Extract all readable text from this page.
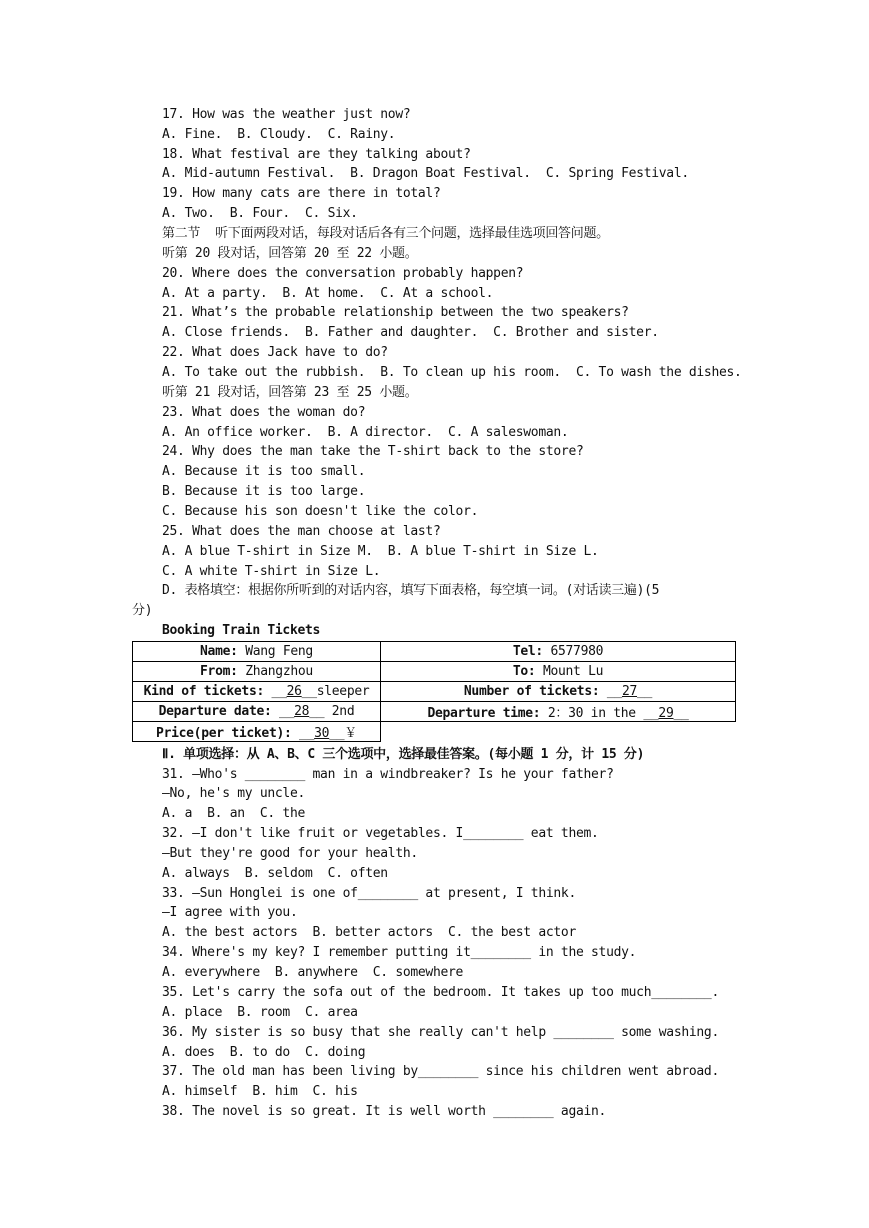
17. How was the weather just now?
A. Fine.  B. Cloudy.  C. Rainy.
18. What festival are they talking about?
A. Mid-autumn Festival.  B. Dragon Boat Festival.  C. Spring Festival.
19. How many cats are there in total?
A. Two.  B. Four.  C. Six.
第二节  听下面两段对话，每段对话后各有三个问题，选择最佳选项回答问题。
听第 20 段对话，回答第 20 至 22 小题。
20. Where does the conversation probably happen?
A. At a party.  B. At home.  C. At a school.
21. What’s the probable relationship between the two speakers?
A. Close friends.  B. Father and daughter.  C. Brother and sister.
22. What does Jack have to do?
A. To take out the rubbish.  B. To clean up his room.  C. To wash the dishes.
听第 21 段对话，回答第 23 至 25 小题。
23. What does the woman do?
A. An office worker.  B. A director.  C. A saleswoman.
24. Why does the man take the T-shirt back to the store?
A. Because it is too small.
B. Because it is too large.
C. Because his son doesn't like the color.
25. What does the man choose at last?
A. A blue T-shirt in Size M.  B. A blue T-shirt in Size L.
C. A white T-shirt in Size L.
D. 表格填空：根据你所听到的对话内容，填写下面表格，每空填一词。(对话读三遍)(5
分)
Booking Train Tickets
Name: Wang Feng	Tel: 6577980
From: Zhangzhou	To: Mount Lu
Kind of tickets: __26__sleeper	Number of tickets: __27__
Departure date: __28__ 2nd	Departure time: 2：30 in the __29__
Price(per ticket): __30__￥	
Ⅱ. 单项选择：从 A、B、C 三个选项中，选择最佳答案。(每小题 1 分，计 15 分)
31. —Who's ________ man in a windbreaker? Is he your father?
—No, he's my uncle.
A. a  B. an  C. the
32. —I don't like fruit or vegetables. I________ eat them.
—But they're good for your health.
A. always  B. seldom  C. often
33. —Sun Honglei is one of________ at present, I think.
—I agree with you.
A. the best actors  B. better actors  C. the best actor
34. Where's my key? I remember putting it________ in the study.
A. everywhere  B. anywhere  C. somewhere
35. Let's carry the sofa out of the bedroom. It takes up too much________.
A. place  B. room  C. area
36. My sister is so busy that she really can't help ________ some washing.
A. does  B. to do  C. doing
37. The old man has been living by________ since his children went abroad.
A. himself  B. him  C. his
38. The novel is so great. It is well worth ________ again.
